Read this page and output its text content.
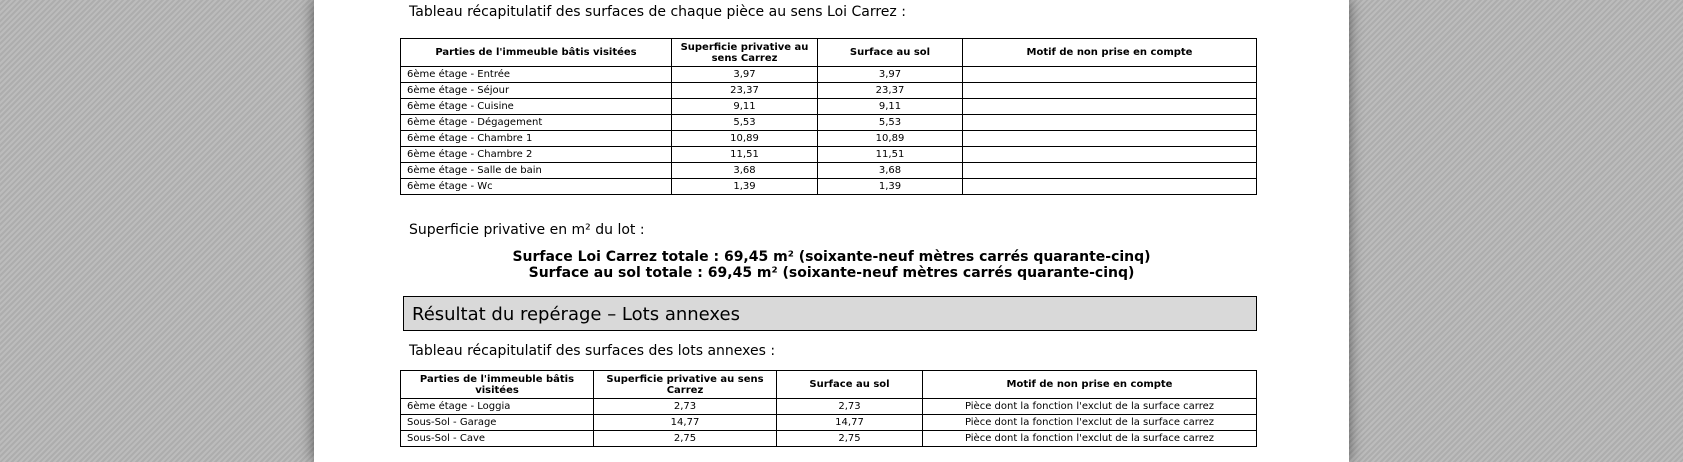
Tableau récapitulatif des surfaces de chaque pièce au sens Loi Carrez :
Parties de l'immeuble bâtis visitées	Superficie privative au sens Carrez	Surface au sol	Motif de non prise en compte
6ème étage - Entrée	3,97	3,97	
6ème étage - Séjour	23,37	23,37	
6ème étage - Cuisine	9,11	9,11	
6ème étage - Dégagement	5,53	5,53	
6ème étage - Chambre 1	10,89	10,89	
6ème étage - Chambre 2	11,51	11,51	
6ème étage - Salle de bain	3,68	3,68	
6ème étage - Wc	1,39	1,39	
Superficie privative en m² du lot :
Surface Loi Carrez totale : 69,45 m² (soixante-neuf mètres carrés quarante-cinq)
Surface au sol totale : 69,45 m² (soixante-neuf mètres carrés quarante-cinq)
Résultat du repérage – Lots annexes
Tableau récapitulatif des surfaces des lots annexes :
Parties de l'immeuble bâtis visitées	Superficie privative au sens Carrez	Surface au sol	Motif de non prise en compte
6ème étage - Loggia	2,73	2,73	Pièce dont la fonction l'exclut de la surface carrez
Sous-Sol - Garage	14,77	14,77	Pièce dont la fonction l'exclut de la surface carrez
Sous-Sol - Cave	2,75	2,75	Pièce dont la fonction l'exclut de la surface carrez
